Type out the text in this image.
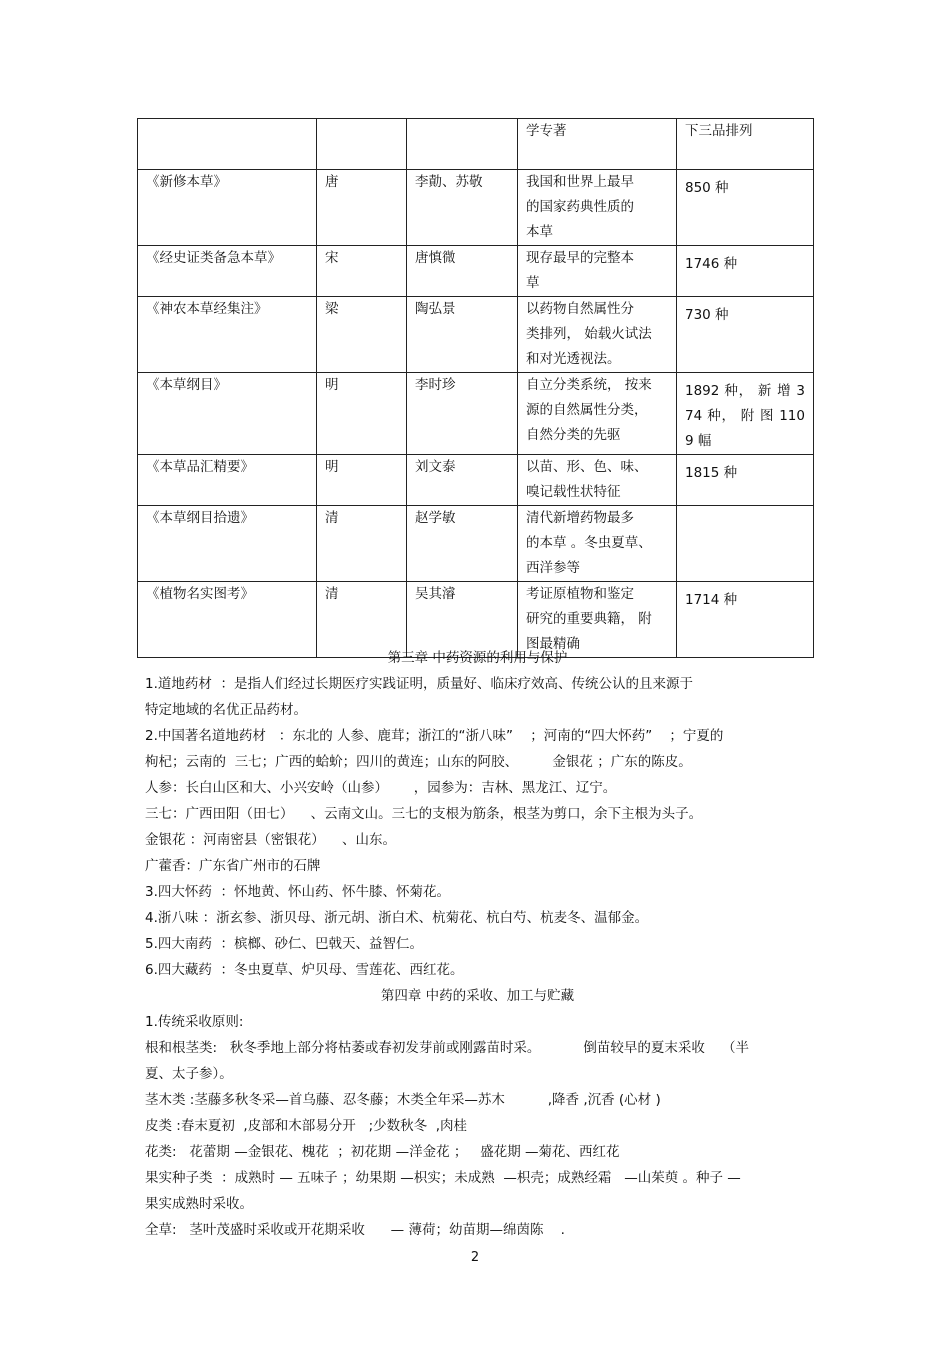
			学专著	下三品排列

《新修本草》	唐	李勣、苏敬	我国和世界上最早
的国家药典性质的
本草	850 种

《经史证类备急本草》	宋	唐慎微	现存最早的完整本
草	1746 种

《神农本草经集注》	梁	陶弘景	以药物自然属性分
类排列， 始载火试法
和对光透视法。	730 种

《本草纲目》	明	李时珍	自立分类系统， 按来
源的自然属性分类，
自然分类的先驱	1892 种， 新 增 374 种， 附 图 1109 幅

《本草品汇精要》	明	刘文泰	以苗、形、色、味、
嗅记载性状特征	1815 种

《本草纲目拾遗》	清	赵学敏	清代新增药物最多
的本草 。冬虫夏草、
西洋参等	

《植物名实图考》	清	吴其濬	考证原植物和鉴定
研究的重要典籍， 附
图最精确	1714 种

第三章 中药资源的利用与保护

1.道地药材  ：是指人们经过长期医疗实践证明，质量好、临床疗效高、传统公认的且来源于
特定地域的名优正品药材。

2.中国著名道地药材   ：东北的 人参、鹿茸；浙江的“浙八味”    ；河南的“四大怀药”    ；宁夏的
枸杞；云南的  三七；广西的蛤蚧；四川的黄连；山东的阿胶、        金银花 ；广东的陈皮。

人参：长白山区和大、小兴安岭（山参）      ，园参为：吉林、黑龙江、辽宁。

三七：广西田阳（田七）    、云南文山。三七的支根为筋条，根茎为剪口，余下主根为头子。

金银花 ：河南密县（密银花）    、山东。

广藿香：广东省广州市的石牌

3.四大怀药  ：怀地黄、怀山药、怀牛膝、怀菊花。

4.浙八味 ：浙玄参、浙贝母、浙元胡、浙白术、杭菊花、杭白芍、杭麦冬、温郁金。

5.四大南药  ：槟榔、砂仁、巴戟天、益智仁。

6.四大藏药  ：冬虫夏草、炉贝母、雪莲花、西红花。

第四章 中药的采收、加工与贮藏

1.传统采收原则:

根和根茎类:   秋冬季地上部分将枯萎或春初发芽前或刚露苗时采。          倒苗较早的夏末采收    （半
夏、太子参）。

茎木类 :茎藤多秋冬采—首乌藤、忍冬藤；木类全年采—苏木          ,降香 ,沉香 (心材 )

皮类 :春末夏初  ,皮部和木部易分开   ;少数秋冬  ,肉桂

花类:   花蕾期 —金银花、槐花  ；初花期 —洋金花 ；   盛花期 —菊花、西红花

果实种子类  ：成熟时 — 五味子 ；幼果期 —枳实；未成熟  —枳壳；成熟经霜   —山茱萸 。种子 —
果实成熟时采收。

全草:   茎叶茂盛时采收或开花期采收      — 薄荷；幼苗期—绵茵陈    .

2
